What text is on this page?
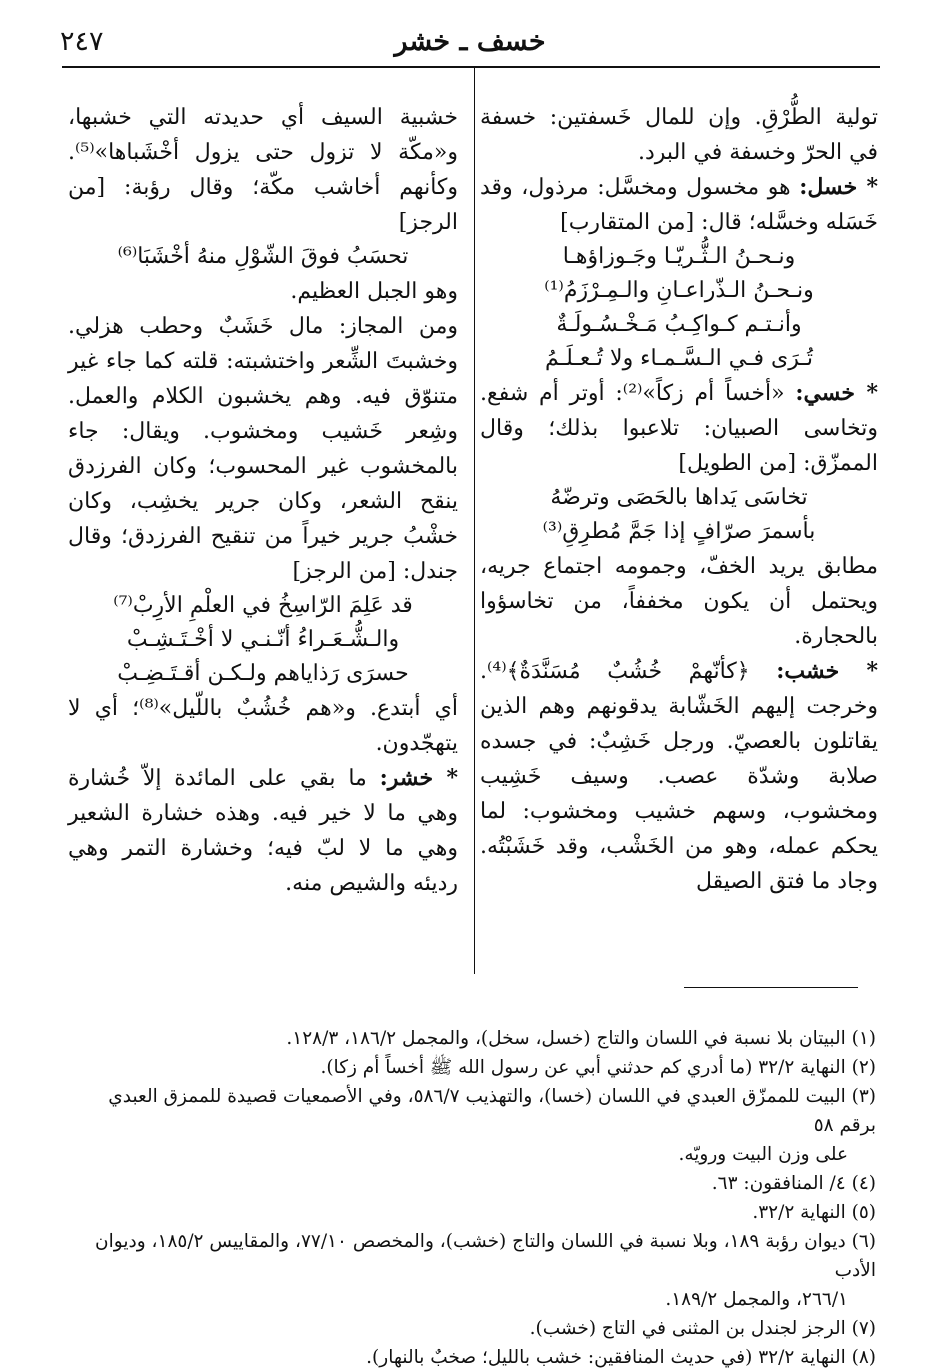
خسف ـ خشر
٢٤٧

تولية الطُّرْقِ. وإن للمال خَسفتين: خسفة في الحرّ وخسفة في البرد.

* خسل: هو مخسول ومخسَّل: مرذول، وقد خَسَله وخسَّله؛ قال: [من المتقارب]

ونـحـنُ الـثُّـريّـا وجَـوزاؤهـا

ونـحـنُ الـذّراعـانِ والـمِـرْزَمُ⁽¹⁾

وأنـتـم كـواكِـبُ مَـخْـسُـولَـةٌ

تُـرَى فـي الـسَّـمـاء ولا تُـعـلَـمُ

* خسي: «أخساً أم زكاً»⁽²⁾: أوتر أم شفع. وتخاسى الصبيان: تلاعبوا بذلك؛ وقال الممزّق: [من الطويل]

تخاسَى يَداها بالحَصَى وترضّهُ

بأسمرَ صرّافٍ إذا جَمَّ مُطرِقِ⁽³⁾

مطابق يريد الخفّ، وجمومه اجتماع جريه، ويحتمل أن يكون مخففاً، من تخاسؤوا بالحجارة.

* خشب: ﴿كأنّهمْ خُشُبٌ مُسَنَّدَةٌ﴾⁽⁴⁾. وخرجت إليهم الخَشّابة يدقونهم وهم الذين يقاتلون بالعصيّ. ورجل خَشِبٌ: في جسده صلابة وشدّة عصب. وسيف خَشِيب ومخشوب، وسهم خشيب ومخشوب: لما يحكم عمله، وهو من الخَشْب، وقد خَشَبْتُه. وجاد ما فتق الصيقل

خشبية السيف أي حديدته التي خشبها، و«مكّة لا تزول حتى يزول أخْشَباها»⁽⁵⁾. وكأنهم أخاشب مكّة؛ وقال رؤبة: [من الرجز]

تحسَبُ فوقَ الشّوْلِ منهُ أخْشَبَا⁽⁶⁾

وهو الجبل العظيم.

ومن المجاز: مال خَشَبٌ وحطب هزلي. وخشبتَ الشِّعر واختشبته: قلته كما جاء غير متنوّق فيه. وهم يخشبون الكلام والعمل. وشِعر خَشيب ومخشوب. ويقال: جاء بالمخشوب غير المحسوب؛ وكان الفرزدق ينقح الشعر، وكان جرير يخشِب، وكان خشْبُ جرير خيراً من تنقيح الفرزدق؛ وقال جندل: [من الرجز]

قد عَلِمَ الرّاسِخُ في العلْمِ الأرِبْ⁽⁷⁾

والـشُّـعَـراءُ أنّـنـي لا أخْـتَـشِـبْ

حسرَى رَذاياهم ولـكـن أقـتَـضِـبْ

أي أبتدع. و«هم خُشُبٌ باللّيل»⁽⁸⁾؛ أي لا يتهجّدون.

* خشر: ما بقي على المائدة إلاّ خُشارة وهي ما لا خير فيه. وهذه خشارة الشعير وهي ما لا لبّ فيه؛ وخشارة التمر وهي رديئه والشيص منه.

(١) البيتان بلا نسبة في اللسان والتاج (خسل، سخل)، والمجمل ١٨٦/٢، ١٢٨/٣.

(٢) النهاية ٣٢/٢ (ما أدري كم حدثني أبي عن رسول الله ﷺ أخساً أم زكا).

(٣) البيت للممزّق العبدي في اللسان (خسا)، والتهذيب ٥٨٦/٧، وفي الأصمعيات قصيدة للممزق العبدي برقم ٥٨

على وزن البيت ورويّه.

(٤) ٤/ المنافقون: ٦٣.

(٥) النهاية ٣٢/٢.

(٦) ديوان رؤبة ١٨٩، وبلا نسبة في اللسان والتاج (خشب)، والمخصص ٧٧/١٠، والمقاييس ١٨٥/٢، وديوان الأدب

٢٦٦/١، والمجمل ١٨٩/٢.

(٧) الرجز لجندل بن المثنى في التاج (خشب).

(٨) النهاية ٣٢/٢ (في حديث المنافقين: خشب بالليل؛ صخبٌ بالنهار).
